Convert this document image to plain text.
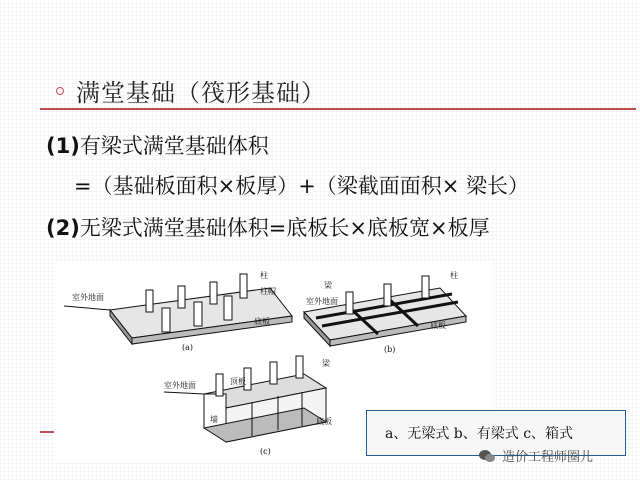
满堂基础（筏形基础）
(1)有梁式满堂基础体积
=（基础板面积×板厚）+（梁截面面积× 梁长）
(2)无梁式满堂基础体积=底板长×底板宽×板厚
室外地面
柱
柱帽
底板
(a)
梁
室外地面
柱
底板
(b)
室外地面	顶板
梁
墙	底板
(c)
a、无梁式 b、有梁式 c、箱式
造价工程师圈儿
